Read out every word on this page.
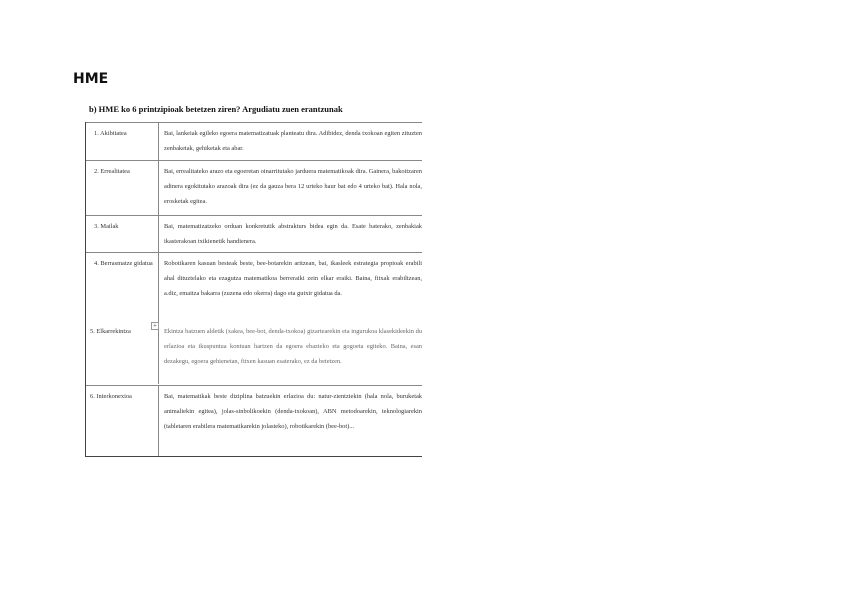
HME
b) HME ko 6 printzipioak betetzen ziren? Argudiatu zuen erantzunak
1. Akibitatea	Bai, lankeiak egileko egoera matematizatuak planteatu dira. Adibidez, denda txokoan egiten zituzten zenbaketak, gehiketak eta abar.
2. Errealitatea	Bai, errealitateko arazo eta egoeretan oinarritutako jarduera matematikoak dira. Gainera, bakoitzaren adinera egokitutako arazoak dira (ez da gauza bera 12 urteko haur bat edo 4 urteko bat). Hala nola, erosketak egitea.
3. Mailak	Bai, matematizatzeko orduan konkretutik abstrakturs bidea egin da. Esate baterako, zenbakiak ikasterakoan txikienetik handienera.
4. Berrasmatze gidatua	Robotikaren kasuan besteak beste, bee-botarekin aritzean, bai, ikasleek estrategia propioak erabili ahal dituztelako eta ezagutza matematikoa berreraiki zein elkar eraiki. Baina, fitxak erabiltzean, a.diz, emaitza bakarra (zuzena edo okerra) dago eta gutxir gidatua da.
5. Elkarrekintza	Ekintza batzuen aldetik (xakea, bee-bot, denda-txokoa) gizartearekin eta ingurukoa klasekideekin du erlazioa eta ikuspuntua kontuan hartzen da egoera ebazteko eta gogoeta egiteko. Baina, esan dezakegu, egoera gehienetan, fitxen kasuan esaterako, ez da betetzen.
6. Interkonexioa	Bai, matematikak beste diziplina batzuekin erlazioa du: natur-zientziekin (hala nola, buruketak animaliekin egitea), jolas-sinbolikoekin (denda-txokoan), ABN metodoarekin, teknologiarekin (tabletaren erabilera matematikarekin jolasteko), robotikarekin (bee-bot)...
+
